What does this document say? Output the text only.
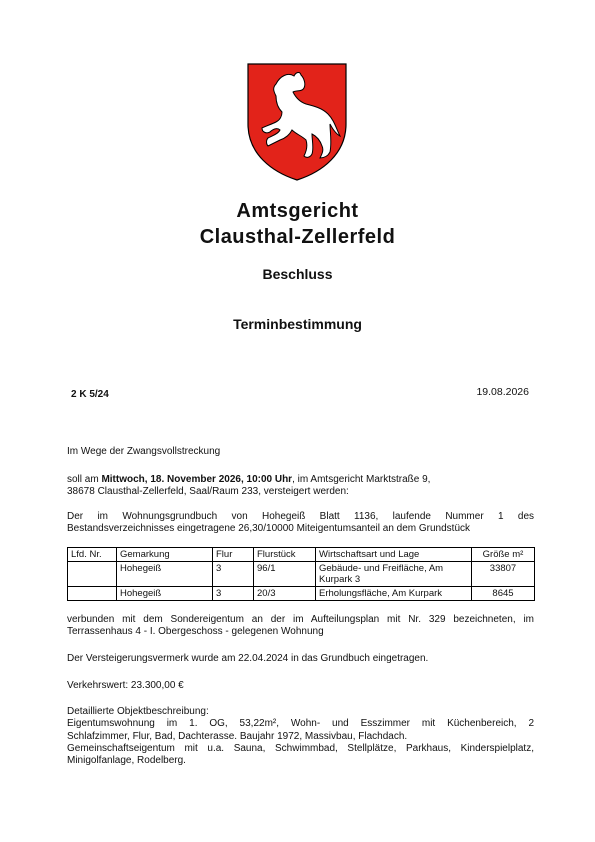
Amtsgericht
Clausthal-Zellerfeld
Beschluss
Terminbestimmung
2 K 5/24	19.08.2026
Im Wege der Zwangsvollstreckung
soll am Mittwoch, 18. November 2026, 10:00 Uhr, im Amtsgericht Marktstraße 9,
38678 Clausthal-Zellerfeld, Saal/Raum 233, versteigert werden:
Der im Wohnungsgrundbuch von Hohegeiß Blatt 1136, laufende Nummer 1 des
Bestandsverzeichnisses eingetragene 26,30/10000 Miteigentumsanteil an dem Grundstück
Lfd. Nr.	Gemarkung	Flur	Flurstück	Wirtschaftsart und Lage	Größe m²
	Hohegeiß	3	96/1	Gebäude- und Freifläche, Am Kurpark 3	33807
	Hohegeiß	3	20/3	Erholungsfläche, Am Kurpark	8645
verbunden mit dem Sondereigentum an der im Aufteilungsplan mit Nr. 329 bezeichneten, im
Terrassenhaus 4 - I. Obergeschoss - gelegenen Wohnung
Der Versteigerungsvermerk wurde am 22.04.2024 in das Grundbuch eingetragen.
Verkehrswert: 23.300,00 €
Detaillierte Objektbeschreibung:
Eigentumswohnung im 1. OG, 53,22m², Wohn- und Esszimmer mit Küchenbereich, 2
Schlafzimmer, Flur, Bad, Dachterasse. Baujahr 1972, Massivbau, Flachdach.
Gemeinschaftseigentum mit u.a. Sauna, Schwimmbad, Stellplätze, Parkhaus, Kinderspielplatz,
Minigolfanlage, Rodelberg.
